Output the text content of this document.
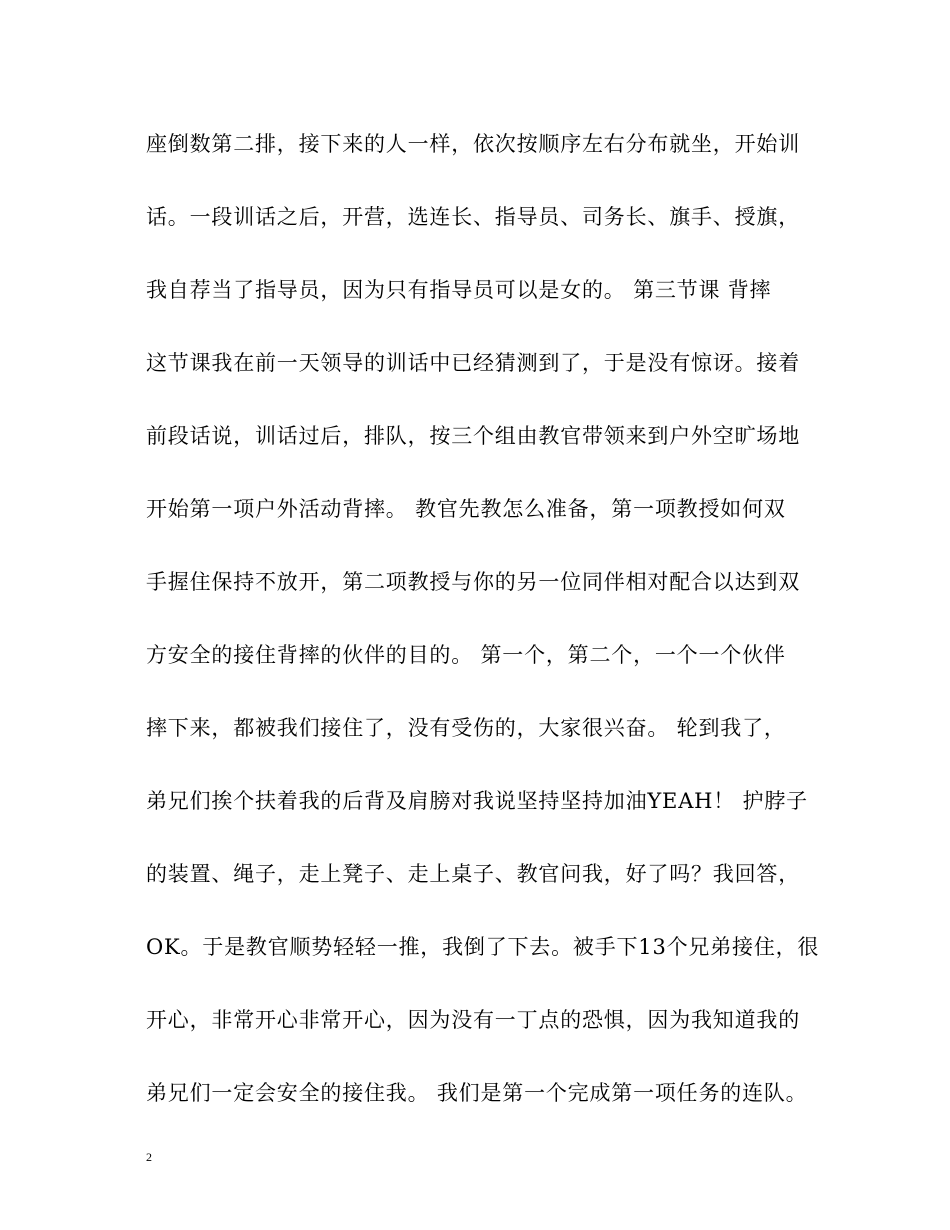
座倒数第二排，接下来的人一样，依次按顺序左右分布就坐，开始训
话。一段训话之后，开营，选连长、指导员、司务长、旗手、授旗，
我自荐当了指导员，因为只有指导员可以是女的。 第三节课 背摔
这节课我在前一天领导的训话中已经猜测到了，于是没有惊讶。接着
前段话说，训话过后，排队，按三个组由教官带领来到户外空旷场地
开始第一项户外活动背摔。 教官先教怎么准备，第一项教授如何双
手握住保持不放开，第二项教授与你的另一位同伴相对配合以达到双
方安全的接住背摔的伙伴的目的。 第一个，第二个，一个一个伙伴
摔下来，都被我们接住了，没有受伤的，大家很兴奋。 轮到我了，
弟兄们挨个扶着我的后背及肩膀对我说坚持坚持加油YEAH！ 护脖子
的装置、绳子，走上凳子、走上桌子、教官问我，好了吗？我回答，
OK。于是教官顺势轻轻一推，我倒了下去。被手下13个兄弟接住，很
开心，非常开心非常开心，因为没有一丁点的恐惧，因为我知道我的
弟兄们一定会安全的接住我。 我们是第一个完成第一项任务的连队。
2
